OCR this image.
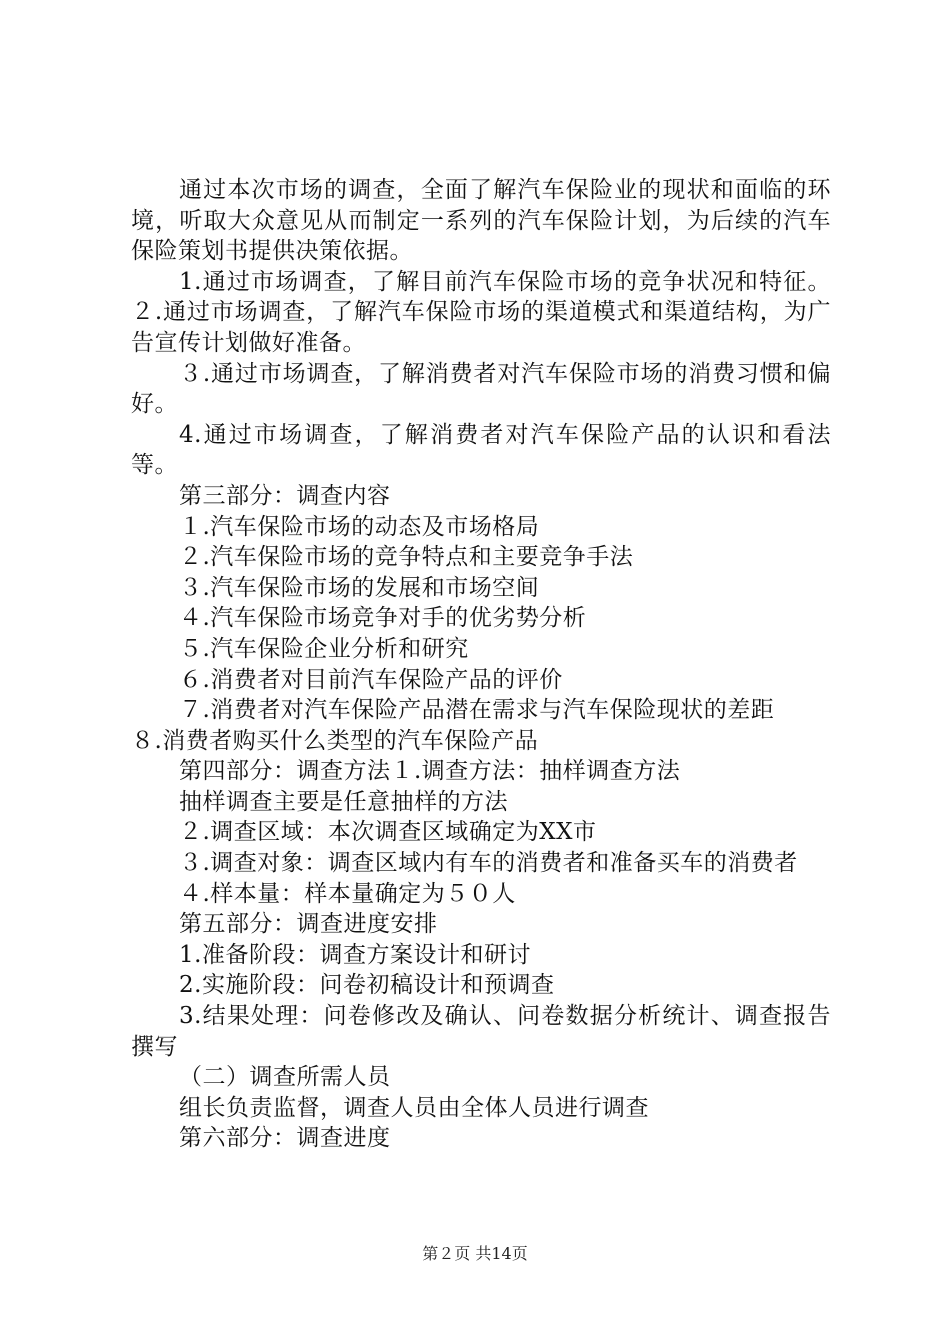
通过本次市场的调查，全面了解汽车保险业的现状和面临的环境，听取大众意见从而制定一系列的汽车保险计划，为后续的汽车保险策划书提供决策依据。

1.通过市场调查，了解目前汽车保险市场的竞争状况和特征。２.通过市场调查，了解汽车保险市场的渠道模式和渠道结构，为广告宣传计划做好准备。

３.通过市场调查，了解消费者对汽车保险市场的消费习惯和偏好。

4.通过市场调查，了解消费者对汽车保险产品的认识和看法等。

第三部分：调查内容

１.汽车保险市场的动态及市场格局

２.汽车保险市场的竞争特点和主要竞争手法

３.汽车保险市场的发展和市场空间

４.汽车保险市场竞争对手的优劣势分析

５.汽车保险企业分析和研究

６.消费者对目前汽车保险产品的评价

７.消费者对汽车保险产品潜在需求与汽车保险现状的差距

８.消费者购买什么类型的汽车保险产品

第四部分：调查方法１.调查方法：抽样调查方法

抽样调查主要是任意抽样的方法

２.调查区域：本次调查区域确定为XX市

３.调查对象：调查区域内有车的消费者和准备买车的消费者

４.样本量：样本量确定为５０人

第五部分：调查进度安排

1.准备阶段：调查方案设计和研讨

2.实施阶段：问卷初稿设计和预调查

3.结果处理：问卷修改及确认、问卷数据分析统计、调查报告撰写

（二）调查所需人员

组长负责监督，调查人员由全体人员进行调查

第六部分：调查进度

第２页 共14页
